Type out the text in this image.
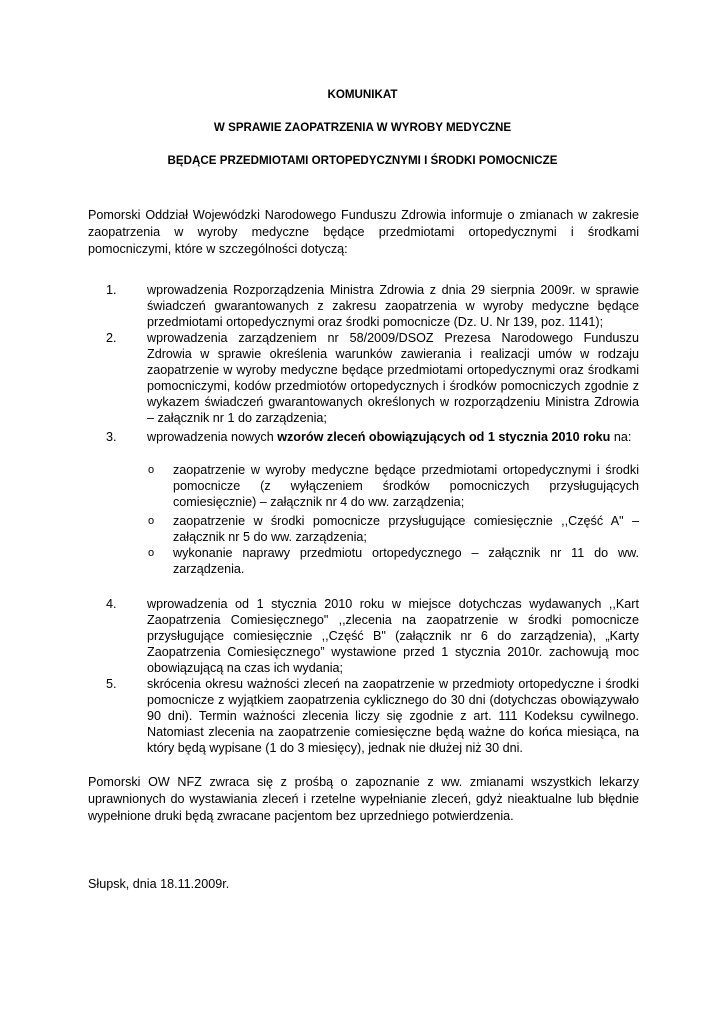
KOMUNIKAT
W SPRAWIE ZAOPATRZENIA W WYROBY MEDYCZNE
BĘDĄCE PRZEDMIOTAMI ORTOPEDYCZNYMI I ŚRODKI POMOCNICZE
Pomorski Oddział Wojewódzki Narodowego Funduszu Zdrowia informuje o zmianach w zakresie zaopatrzenia w wyroby medyczne będące przedmiotami ortopedycznymi i środkami pomocniczymi, które w szczególności dotyczą:
1.	wprowadzenia Rozporządzenia Ministra Zdrowia z dnia 29 sierpnia 2009r. w sprawie świadczeń gwarantowanych z zakresu zaopatrzenia w wyroby medyczne będące przedmiotami ortopedycznymi oraz środki pomocnicze (Dz. U. Nr 139, poz. 1141);
2.	wprowadzenia zarządzeniem nr 58/2009/DSOZ Prezesa Narodowego Funduszu Zdrowia w sprawie określenia warunków zawierania i realizacji umów w rodzaju zaopatrzenie w wyroby medyczne będące przedmiotami ortopedycznymi oraz środkami pomocniczymi, kodów przedmiotów ortopedycznych i środków pomocniczych zgodnie z wykazem świadczeń gwarantowanych określonych w rozporządzeniu Ministra Zdrowia – załącznik nr 1 do zarządzenia;
3.	wprowadzenia nowych wzorów zleceń obowiązujących od 1 stycznia 2010 roku na:
o	zaopatrzenie w wyroby medyczne będące przedmiotami ortopedycznymi i środki pomocnicze (z wyłączeniem środków pomocniczych przysługujących comiesięcznie) – załącznik nr 4 do ww. zarządzenia;
o	zaopatrzenie w środki pomocnicze przysługujące comiesięcznie ,,Część A" – załącznik nr 5 do ww. zarządzenia;
o	wykonanie naprawy przedmiotu ortopedycznego – załącznik nr 11 do ww. zarządzenia.
4.	wprowadzenia od 1 stycznia 2010 roku w miejsce dotychczas wydawanych ,,Kart Zaopatrzenia Comiesięcznego" ,,zlecenia na zaopatrzenie w środki pomocnicze przysługujące comiesięcznie ,,Część B" (załącznik nr 6 do zarządzenia), „Karty Zaopatrzenia Comiesięcznego” wystawione przed 1 stycznia 2010r. zachowują moc obowiązującą na czas ich wydania;
5.	skrócenia okresu ważności zleceń na zaopatrzenie w przedmioty ortopedyczne i środki pomocnicze z wyjątkiem zaopatrzenia cyklicznego do 30 dni (dotychczas obowiązywało 90 dni). Termin ważności zlecenia liczy się zgodnie z art. 111 Kodeksu cywilnego. Natomiast zlecenia na zaopatrzenie comiesięczne będą ważne do końca miesiąca, na który będą wypisane (1 do 3 miesięcy), jednak nie dłużej niż 30 dni.
Pomorski OW NFZ zwraca się z prośbą o zapoznanie z ww. zmianami wszystkich lekarzy uprawnionych do wystawiania zleceń i rzetelne wypełnianie zleceń, gdyż nieaktualne lub błędnie wypełnione druki będą zwracane pacjentom bez uprzedniego potwierdzenia.
Słupsk, dnia 18.11.2009r.
